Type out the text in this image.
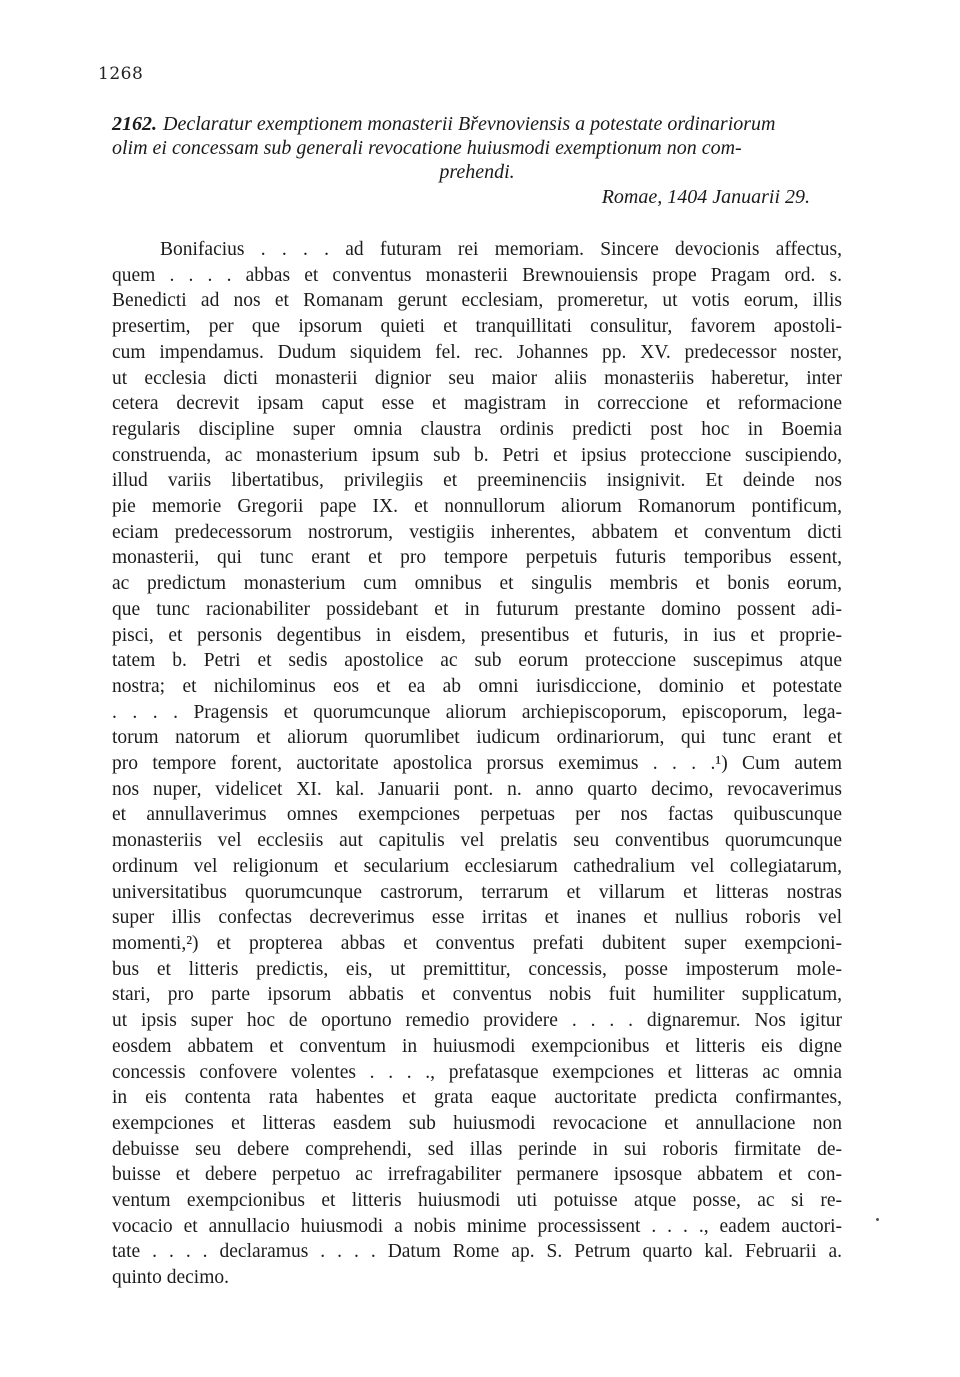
1268
2162. Declaratur exemptionem monasterii Břevnoviensis a potestate ordinariorum
olim ei concessam sub generali revocatione huiusmodi exemptionum non com-
prehendi.
Romae, 1404 Januarii 29.
Bonifacius . . . . ad futuram rei memoriam. Sincere devocionis affectus,
quem . . . . abbas et conventus monasterii Brewnouiensis prope Pragam ord. s.
Benedicti ad nos et Romanam gerunt ecclesiam, promeretur, ut votis eorum, illis
presertim, per que ipsorum quieti et tranquillitati consulitur, favorem apostoli-
cum impendamus. Dudum siquidem fel. rec. Johannes pp. XV. predecessor noster,
ut ecclesia dicti monasterii dignior seu maior aliis monasteriis haberetur, inter
cetera decrevit ipsam caput esse et magistram in correccione et reformacione
regularis discipline super omnia claustra ordinis predicti post hoc in Boemia
construenda, ac monasterium ipsum sub b. Petri et ipsius proteccione suscipiendo,
illud variis libertatibus, privilegiis et preeminenciis insignivit. Et deinde nos
pie memorie Gregorii pape IX. et nonnullorum aliorum Romanorum pontificum,
eciam predecessorum nostrorum, vestigiis inherentes, abbatem et conventum dicti
monasterii, qui tunc erant et pro tempore perpetuis futuris temporibus essent,
ac predictum monasterium cum omnibus et singulis membris et bonis eorum,
que tunc racionabiliter possidebant et in futurum prestante domino possent adi-
pisci, et personis degentibus in eisdem, presentibus et futuris, in ius et proprie-
tatem b. Petri et sedis apostolice ac sub eorum proteccione suscepimus atque
nostra; et nichilominus eos et ea ab omni iurisdiccione, dominio et potestate
. . . . Pragensis et quorumcunque aliorum archiepiscoporum, episcoporum, lega-
torum natorum et aliorum quorumlibet iudicum ordinariorum, qui tunc erant et
pro tempore forent, auctoritate apostolica prorsus exemimus . . . .¹) Cum autem
nos nuper, videlicet XI. kal. Januarii pont. n. anno quarto decimo, revocaverimus
et annullaverimus omnes exempciones perpetuas per nos factas quibuscunque
monasteriis vel ecclesiis aut capitulis vel prelatis seu conventibus quorumcunque
ordinum vel religionum et secularium ecclesiarum cathedralium vel collegiatarum,
universitatibus quorumcunque castrorum, terrarum et villarum et litteras nostras
super illis confectas decreverimus esse irritas et inanes et nullius roboris vel
momenti,²) et propterea abbas et conventus prefati dubitent super exempcioni-
bus et litteris predictis, eis, ut premittitur, concessis, posse imposterum mole-
stari, pro parte ipsorum abbatis et conventus nobis fuit humiliter supplicatum,
ut ipsis super hoc de oportuno remedio providere . . . . dignaremur. Nos igitur
eosdem abbatem et conventum in huiusmodi exempcionibus et litteris eis digne
concessis confovere volentes . . . ., prefatasque exempciones et litteras ac omnia
in eis contenta rata habentes et grata eaque auctoritate predicta confirmantes,
exempciones et litteras easdem sub huiusmodi revocacione et annullacione non
debuisse seu debere comprehendi, sed illas perinde in sui roboris firmitate de-
buisse et debere perpetuo ac irrefragabiliter permanere ipsosque abbatem et con-
ventum exempcionibus et litteris huiusmodi uti potuisse atque posse, ac si re-
vocacio et annullacio huiusmodi a nobis minime processissent . . . ., eadem auctori-
tate . . . . declaramus . . . . Datum Rome ap. S. Petrum quarto kal. Februarii a.
quinto decimo.
